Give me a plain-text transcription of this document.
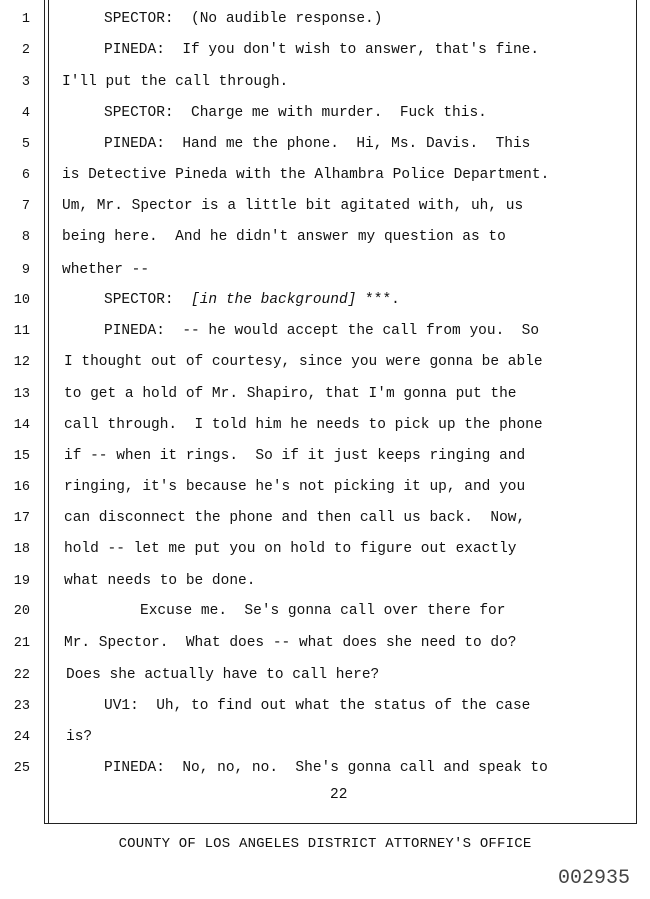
1
2
3
4
5
6
7
8
9
10
11
12
13
14
15
16
17
18
19
20
21
22
23
24
25
SPECTOR:  (No audible response.)
PINEDA:  If you don't wish to answer, that's fine.
I'll put the call through.
SPECTOR:  Charge me with murder.  Fuck this.
PINEDA:  Hand me the phone.  Hi, Ms. Davis.  This
is Detective Pineda with the Alhambra Police Department.
Um, Mr. Spector is a little bit agitated with, uh, us
being here.  And he didn't answer my question as to
whether --
SPECTOR:  [in the background] ***.
PINEDA:  -- he would accept the call from you.  So
I thought out of courtesy, since you were gonna be able
to get a hold of Mr. Shapiro, that I'm gonna put the
call through.  I told him he needs to pick up the phone
if -- when it rings.  So if it just keeps ringing and
ringing, it's because he's not picking it up, and you
can disconnect the phone and then call us back.  Now,
hold -- let me put you on hold to figure out exactly
what needs to be done.
Excuse me.  Se's gonna call over there for
Mr. Spector.  What does -- what does she need to do?
Does she actually have to call here?
UV1:  Uh, to find out what the status of the case
is?
PINEDA:  No, no, no.  She's gonna call and speak to
22
COUNTY OF LOS ANGELES DISTRICT ATTORNEY'S OFFICE
002935
